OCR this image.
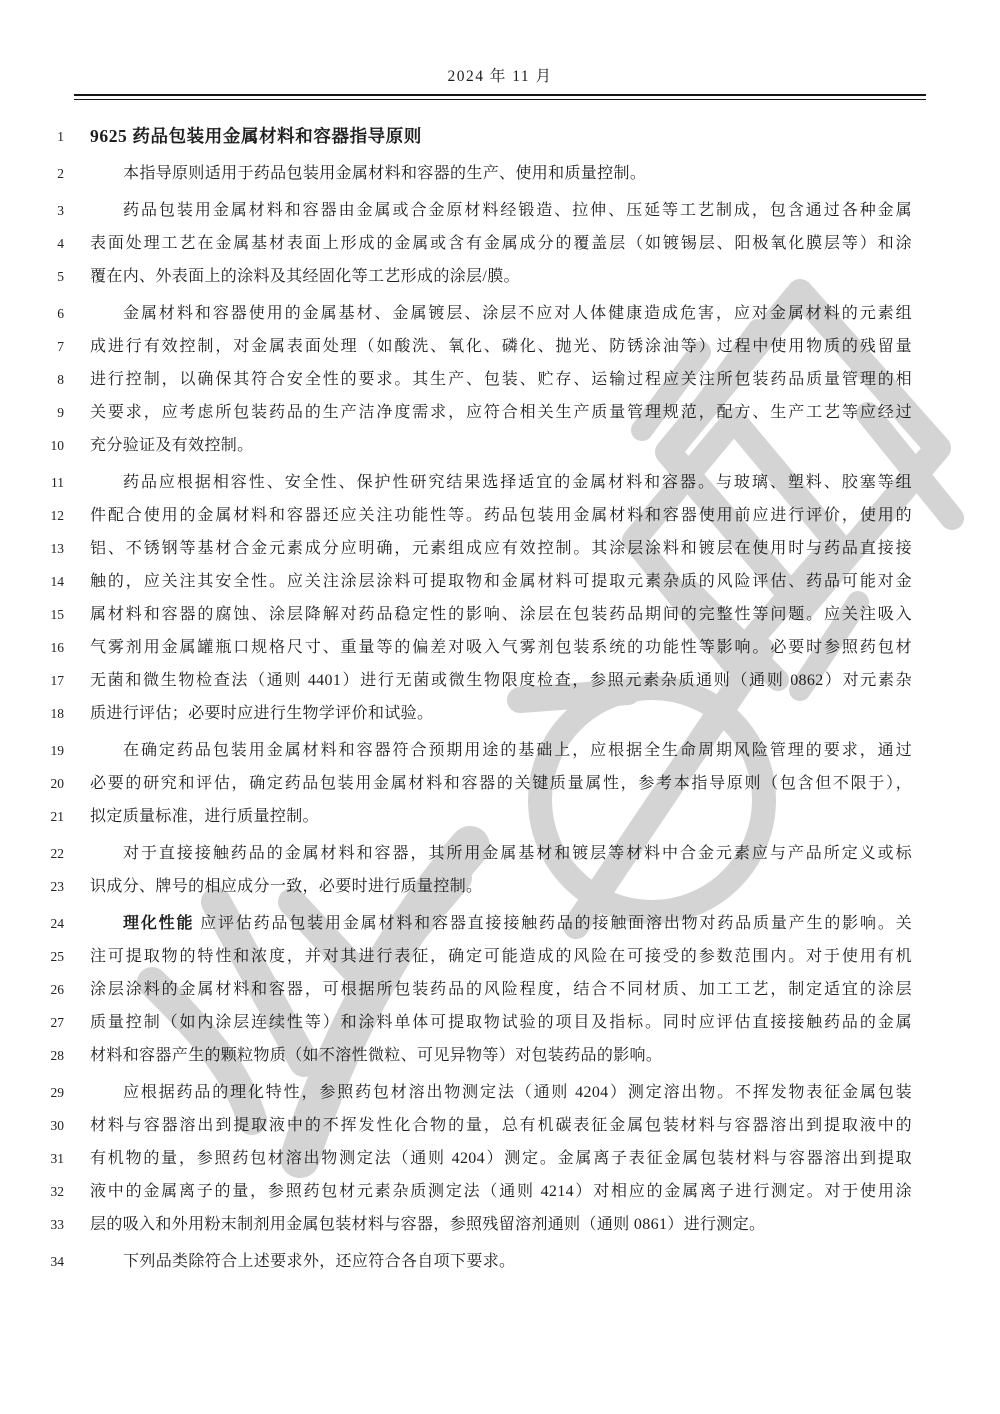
2024 年 11 月
1 9625 药品包装用金属材料和容器指导原则
2	本指导原则适用于药品包装用金属材料和容器的生产、使用和质量控制。
3	药品包装用金属材料和容器由金属或合金原材料经锻造、拉伸、压延等工艺制成，包含通过各种金属
4 表面处理工艺在金属基材表面上形成的金属或含有金属成分的覆盖层（如镀锡层、阳极氧化膜层等）和涂
5 覆在内、外表面上的涂料及其经固化等工艺形成的涂层/膜。
6	金属材料和容器使用的金属基材、金属镀层、涂层不应对人体健康造成危害，应对金属材料的元素组
7 成进行有效控制，对金属表面处理（如酸洗、氧化、磷化、抛光、防锈涂油等）过程中使用物质的残留量
8 进行控制，以确保其符合安全性的要求。其生产、包装、贮存、运输过程应关注所包装药品质量管理的相
9 关要求，应考虑所包装药品的生产洁净度需求，应符合相关生产质量管理规范，配方、生产工艺等应经过
10 充分验证及有效控制。
11	药品应根据相容性、安全性、保护性研究结果选择适宜的金属材料和容器。与玻璃、塑料、胶塞等组
12 件配合使用的金属材料和容器还应关注功能性等。药品包装用金属材料和容器使用前应进行评价，使用的
13 铝、不锈钢等基材合金元素成分应明确，元素组成应有效控制。其涂层涂料和镀层在使用时与药品直接接
14 触的，应关注其安全性。应关注涂层涂料可提取物和金属材料可提取元素杂质的风险评估、药品可能对金
15 属材料和容器的腐蚀、涂层降解对药品稳定性的影响、涂层在包装药品期间的完整性等问题。应关注吸入
16 气雾剂用金属罐瓶口规格尺寸、重量等的偏差对吸入气雾剂包装系统的功能性等影响。必要时参照药包材
17 无菌和微生物检查法（通则 4401）进行无菌或微生物限度检查，参照元素杂质通则（通则 0862）对元素杂
18 质进行评估；必要时应进行生物学评价和试验。
19	在确定药品包装用金属材料和容器符合预期用途的基础上，应根据全生命周期风险管理的要求，通过
20 必要的研究和评估，确定药品包装用金属材料和容器的关键质量属性，参考本指导原则（包含但不限于），
21 拟定质量标准，进行质量控制。
22	对于直接接触药品的金属材料和容器，其所用金属基材和镀层等材料中合金元素应与产品所定义或标
23 识成分、牌号的相应成分一致，必要时进行质量控制。
24	理化性能 应评估药品包装用金属材料和容器直接接触药品的接触面溶出物对药品质量产生的影响。关
25 注可提取物的特性和浓度，并对其进行表征，确定可能造成的风险在可接受的参数范围内。对于使用有机
26 涂层涂料的金属材料和容器，可根据所包装药品的风险程度，结合不同材质、加工工艺，制定适宜的涂层
27 质量控制（如内涂层连续性等）和涂料单体可提取物试验的项目及指标。同时应评估直接接触药品的金属
28 材料和容器产生的颗粒物质（如不溶性微粒、可见异物等）对包装药品的影响。
29	应根据药品的理化特性，参照药包材溶出物测定法（通则 4204）测定溶出物。不挥发物表征金属包装
30 材料与容器溶出到提取液中的不挥发性化合物的量，总有机碳表征金属包装材料与容器溶出到提取液中的
31 有机物的量，参照药包材溶出物测定法（通则 4204）测定。金属离子表征金属包装材料与容器溶出到提取
32 液中的金属离子的量，参照药包材元素杂质测定法（通则 4214）对相应的金属离子进行测定。对于使用涂
33 层的吸入和外用粉末制剂用金属包装材料与容器，参照残留溶剂通则（通则 0861）进行测定。
34	下列品类除符合上述要求外，还应符合各自项下要求。
